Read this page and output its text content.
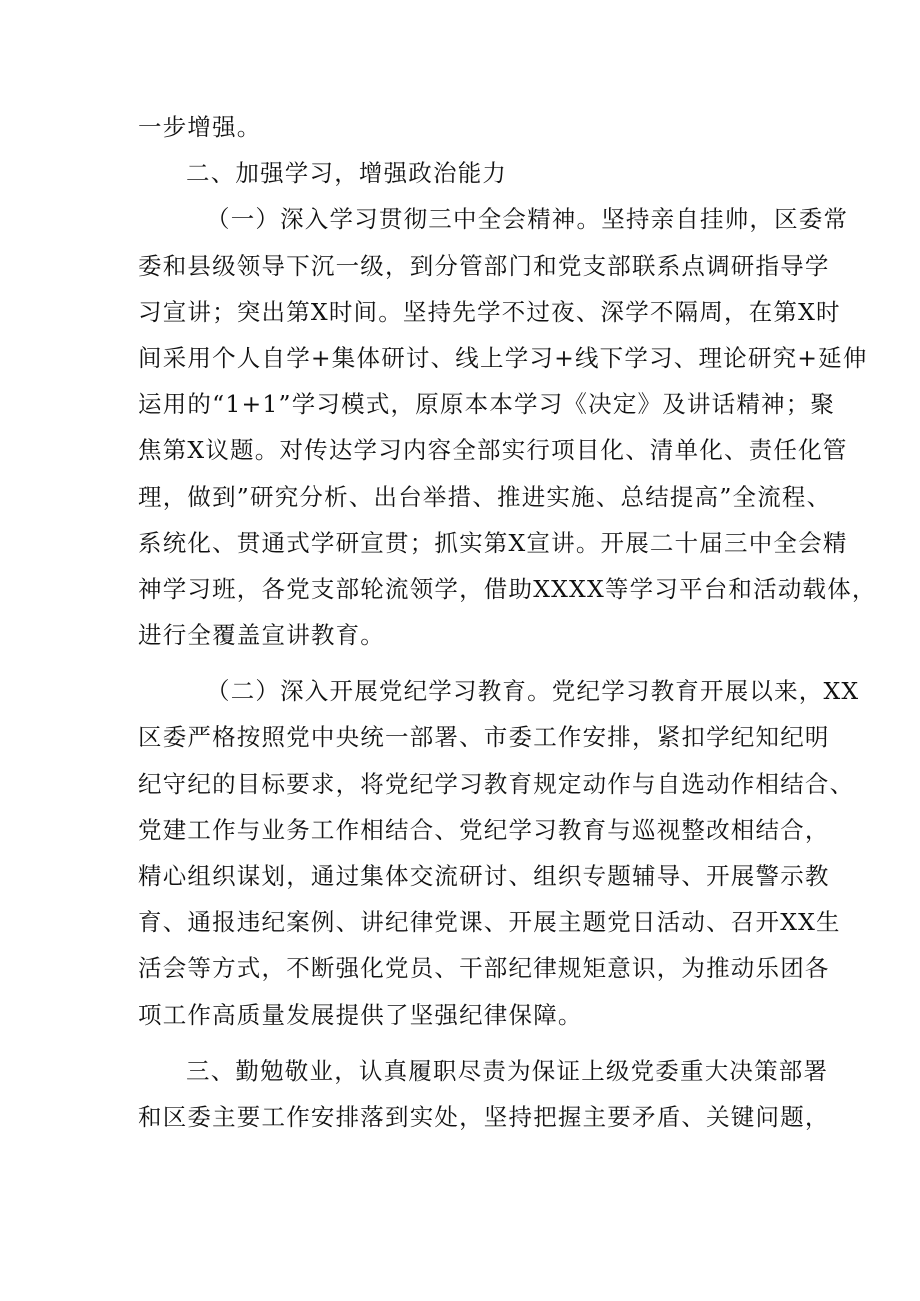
一步增强。
二、加强学习，增强政治能力
（一）深入学习贯彻三中全会精神。坚持亲自挂帅，区委常
委和县级领导下沉一级，到分管部门和党支部联系点调研指导学
习宣讲；突出第X时间。坚持先学不过夜、深学不隔周，在第X时
间采用个人自学+集体研讨、线上学习+线下学习、理论研究+延伸
运用的“1+1”学习模式，原原本本学习《决定》及讲话精神；聚
焦第X议题。对传达学习内容全部实行项目化、清单化、责任化管
理，做到”研究分析、出台举措、推进实施、总结提高”全流程、
系统化、贯通式学研宣贯；抓实第X宣讲。开展二十届三中全会精
神学习班，各党支部轮流领学，借助XXXX等学习平台和活动载体，
进行全覆盖宣讲教育。
（二）深入开展党纪学习教育。党纪学习教育开展以来，XX
区委严格按照党中央统一部署、市委工作安排，紧扣学纪知纪明
纪守纪的目标要求，将党纪学习教育规定动作与自选动作相结合、
党建工作与业务工作相结合、党纪学习教育与巡视整改相结合，
精心组织谋划，通过集体交流研讨、组织专题辅导、开展警示教
育、通报违纪案例、讲纪律党课、开展主题党日活动、召开XX生
活会等方式，不断强化党员、干部纪律规矩意识，为推动乐团各
项工作高质量发展提供了坚强纪律保障。
三、勤勉敬业，认真履职尽责为保证上级党委重大决策部署
和区委主要工作安排落到实处，坚持把握主要矛盾、关键问题，
